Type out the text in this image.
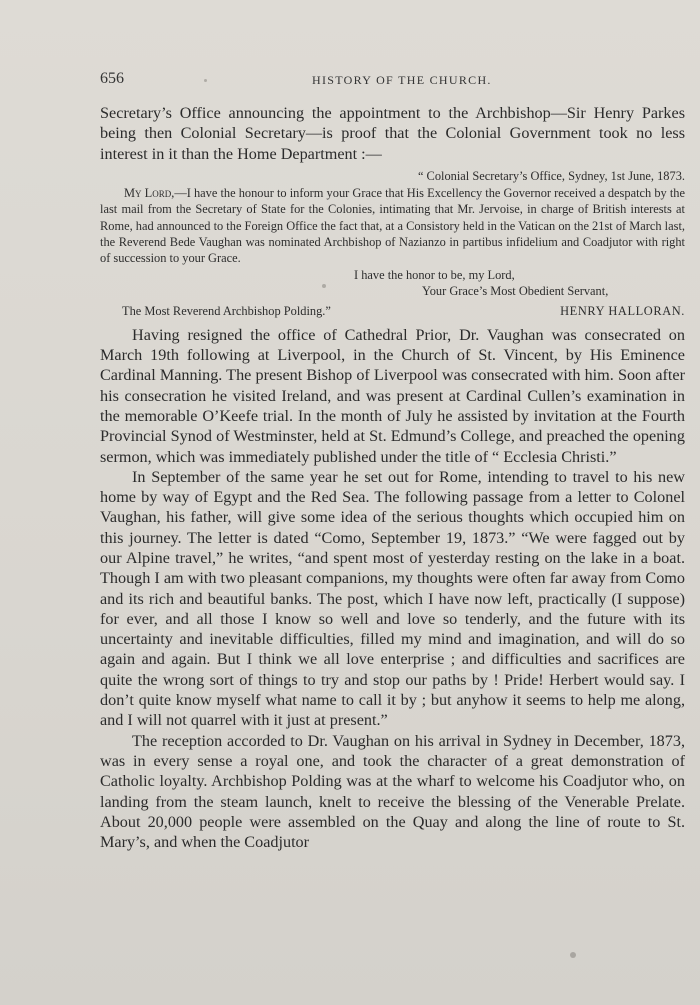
656	HISTORY OF THE CHURCH.

Secretary’s Office announcing the appointment to the Archbishop—Sir Henry Parkes being then Colonial Secretary—is proof that the Colonial Government took no less interest in it than the Home Department :—

“ Colonial Secretary’s Office, Sydney, 1st June, 1873.
My Lord,—I have the honour to inform your Grace that His Excellency the Governor received a despatch by the last mail from the Secretary of State for the Colonies, intimating that Mr. Jervoise, in charge of British interests at Rome, had announced to the Foreign Office the fact that, at a Consistory held in the Vatican on the 21st of March last, the Reverend Bede Vaughan was nominated Archbishop of Nazianzo in partibus infidelium and Coadjutor with right of succession to your Grace.
I have the honor to be, my Lord,
Your Grace’s Most Obedient Servant,
The Most Reverend Archbishop Polding.”	HENRY HALLORAN.

Having resigned the office of Cathedral Prior, Dr. Vaughan was consecrated on March 19th following at Liverpool, in the Church of St. Vincent, by His Eminence Cardinal Manning. The present Bishop of Liverpool was consecrated with him. Soon after his consecration he visited Ireland, and was present at Cardinal Cullen’s examination in the memorable O’Keefe trial. In the month of July he assisted by invitation at the Fourth Provincial Synod of Westminster, held at St. Edmund’s College, and preached the opening sermon, which was immediately published under the title of “ Ecclesia Christi.”

In September of the same year he set out for Rome, intending to travel to his new home by way of Egypt and the Red Sea. The following passage from a letter to Colonel Vaughan, his father, will give some idea of the serious thoughts which occupied him on this journey. The letter is dated “Como, September 19, 1873.” “We were fagged out by our Alpine travel,” he writes, “and spent most of yesterday resting on the lake in a boat. Though I am with two pleasant companions, my thoughts were often far away from Como and its rich and beautiful banks. The post, which I have now left, practically (I suppose) for ever, and all those I know so well and love so tenderly, and the future with its uncertainty and inevitable difficulties, filled my mind and imagination, and will do so again and again. But I think we all love enterprise ; and difficulties and sacrifices are quite the wrong sort of things to try and stop our paths by ! Pride! Herbert would say. I don’t quite know myself what name to call it by ; but anyhow it seems to help me along, and I will not quarrel with it just at present.”

The reception accorded to Dr. Vaughan on his arrival in Sydney in December, 1873, was in every sense a royal one, and took the character of a great demonstration of Catholic loyalty. Archbishop Polding was at the wharf to welcome his Coadjutor who, on landing from the steam launch, knelt to receive the blessing of the Venerable Prelate. About 20,000 people were assembled on the Quay and along the line of route to St. Mary’s, and when the Coadjutor
